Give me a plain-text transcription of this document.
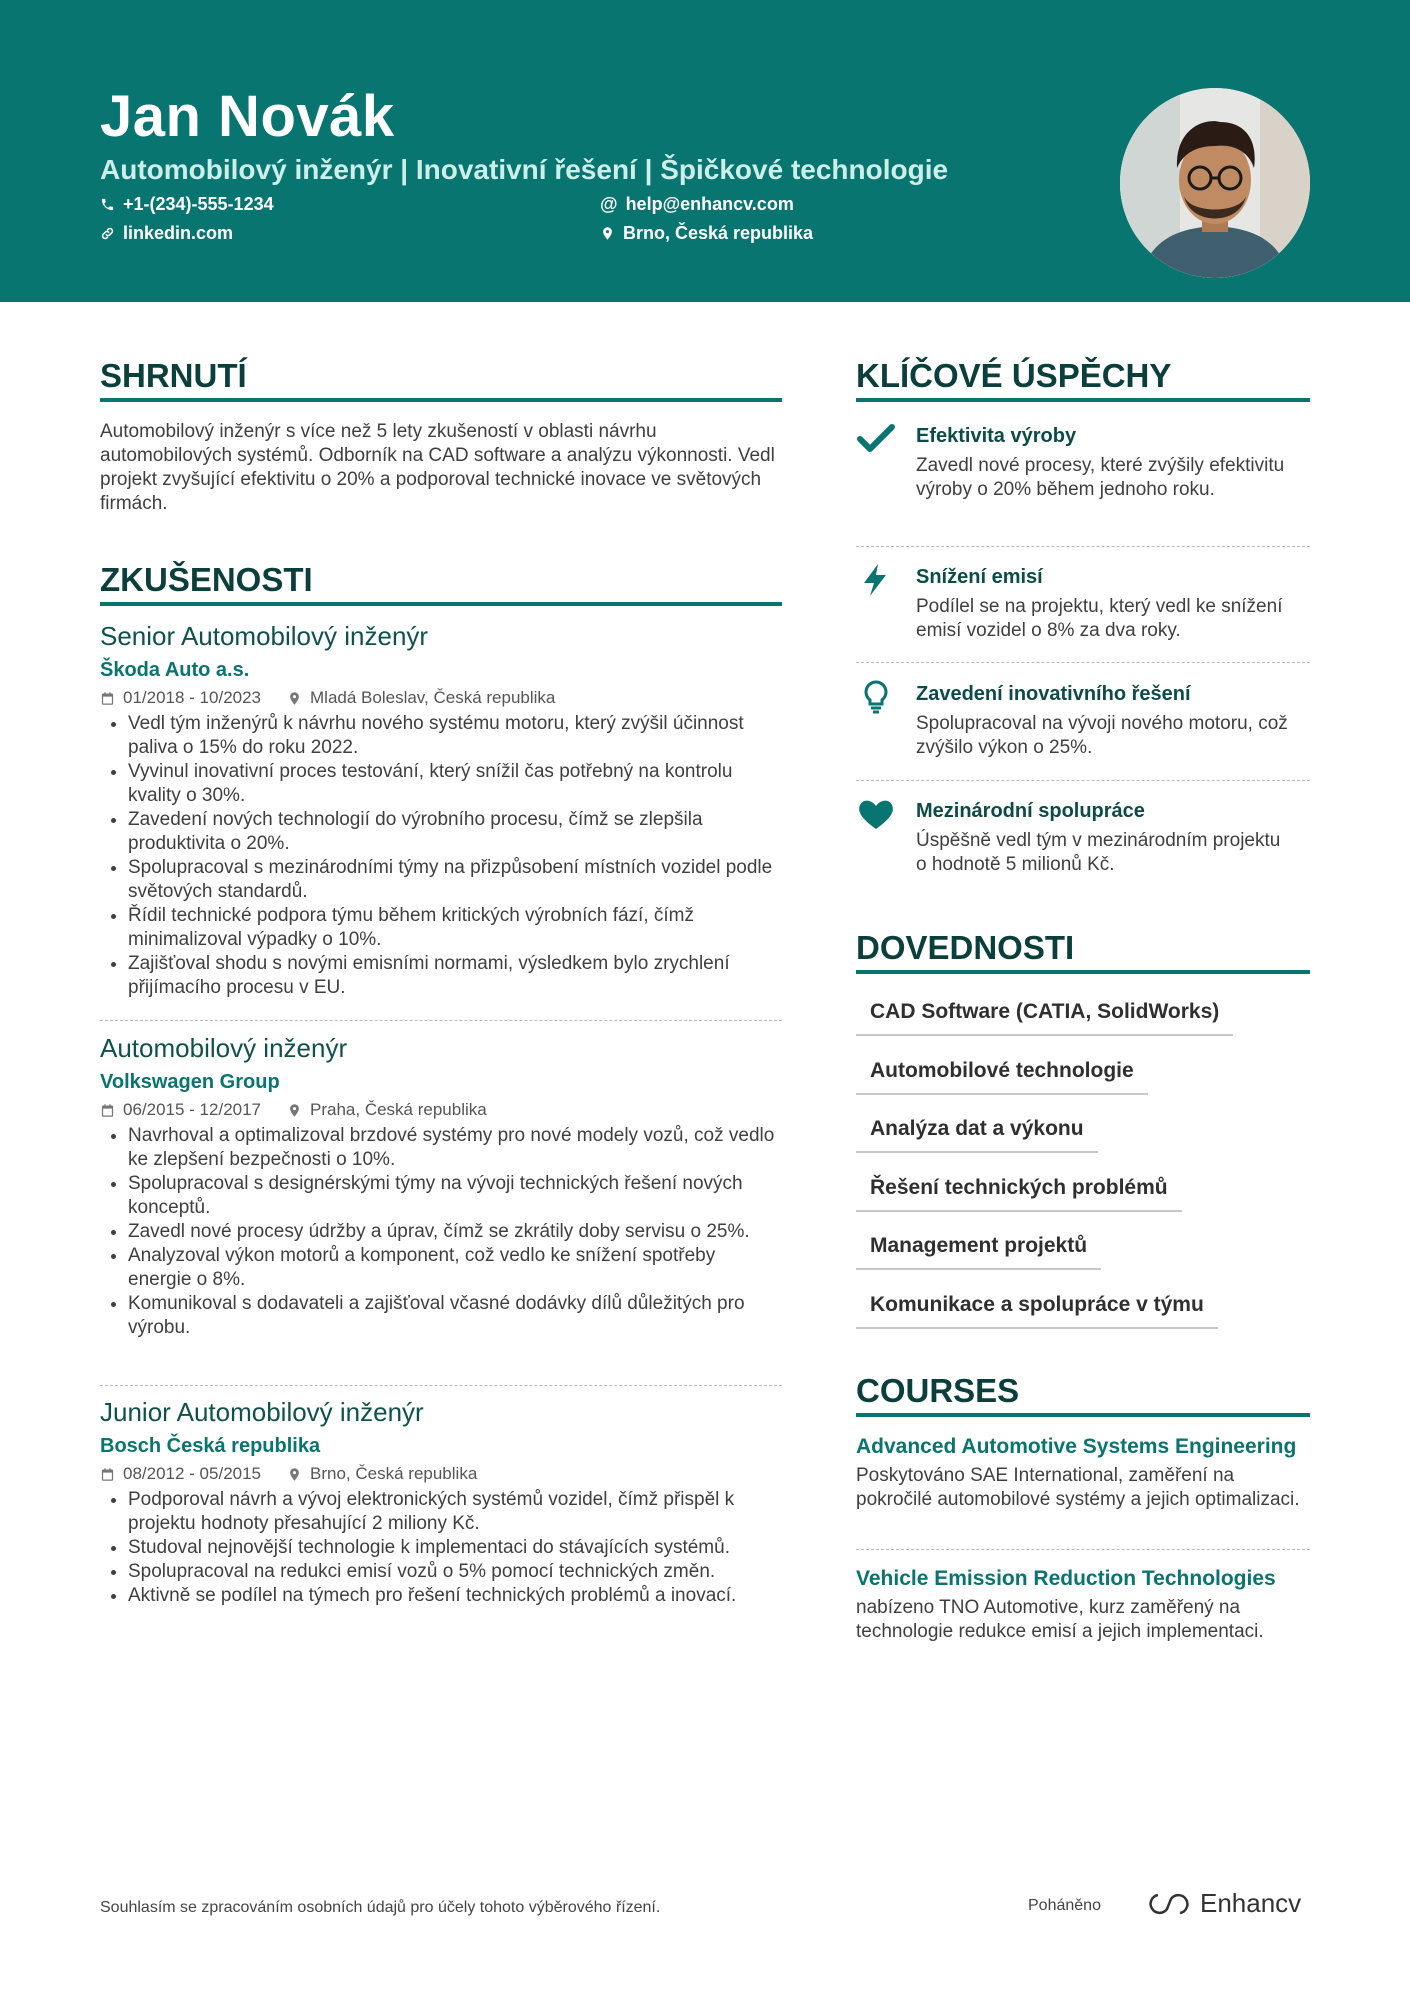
Jan Novák
Automobilový inženýr | Inovativní řešení | Špičkové technologie
+1-(234)-555-1234	@ help@enhancv.com
linkedin.com	Brno, Česká republika
SHRNUTÍ
Automobilový inženýr s více než 5 lety zkušeností v oblasti návrhu automobilových systémů. Odborník na CAD software a analýzu výkonnosti. Vedl projekt zvyšující efektivitu o 20% a podporoval technické inovace ve světových firmách.
ZKUŠENOSTI
Senior Automobilový inženýr
Škoda Auto a.s.
01/2018 - 10/2023	Mladá Boleslav, Česká republika
• Vedl tým inženýrů k návrhu nového systému motoru, který zvýšil účinnost paliva o 15% do roku 2022.
• Vyvinul inovativní proces testování, který snížil čas potřebný na kontrolu kvality o 30%.
• Zavedení nových technologií do výrobního procesu, čímž se zlepšila produktivita o 20%.
• Spolupracoval s mezinárodními týmy na přizpůsobení místních vozidel podle světových standardů.
• Řídil technické podpora týmu během kritických výrobních fází, čímž minimalizoval výpadky o 10%.
• Zajišťoval shodu s novými emisními normami, výsledkem bylo zrychlení přijímacího procesu v EU.
Automobilový inženýr
Volkswagen Group
06/2015 - 12/2017	Praha, Česká republika
• Navrhoval a optimalizoval brzdové systémy pro nové modely vozů, což vedlo ke zlepšení bezpečnosti o 10%.
• Spolupracoval s designérskými týmy na vývoji technických řešení nových konceptů.
• Zavedl nové procesy údržby a úprav, čímž se zkrátily doby servisu o 25%.
• Analyzoval výkon motorů a komponent, což vedlo ke snížení spotřeby energie o 8%.
• Komunikoval s dodavateli a zajišťoval včasné dodávky dílů důležitých pro výrobu.
Junior Automobilový inženýr
Bosch Česká republika
08/2012 - 05/2015	Brno, Česká republika
• Podporoval návrh a vývoj elektronických systémů vozidel, čímž přispěl k projektu hodnoty přesahující 2 miliony Kč.
• Studoval nejnovější technologie k implementaci do stávajících systémů.
• Spolupracoval na redukci emisí vozů o 5% pomocí technických změn.
• Aktivně se podílel na týmech pro řešení technických problémů a inovací.
KLÍČOVÉ ÚSPĚCHY
Efektivita výroby
Zavedl nové procesy, které zvýšily efektivitu výroby o 20% během jednoho roku.
Snížení emisí
Podílel se na projektu, který vedl ke snížení emisí vozidel o 8% za dva roky.
Zavedení inovativního řešení
Spolupracoval na vývoji nového motoru, což zvýšilo výkon o 25%.
Mezinárodní spolupráce
Úspěšně vedl tým v mezinárodním projektu o hodnotě 5 milionů Kč.
DOVEDNOSTI
CAD Software (CATIA, SolidWorks)
Automobilové technologie
Analýza dat a výkonu
Řešení technických problémů
Management projektů
Komunikace a spolupráce v týmu
COURSES
Advanced Automotive Systems Engineering
Poskytováno SAE International, zaměření na pokročilé automobilové systémy a jejich optimalizaci.
Vehicle Emission Reduction Technologies
nabízeno TNO Automotive, kurz zaměřený na technologie redukce emisí a jejich implementaci.
Souhlasím se zpracováním osobních údajů pro účely tohoto výběrového řízení.	Poháněno	Enhancv
